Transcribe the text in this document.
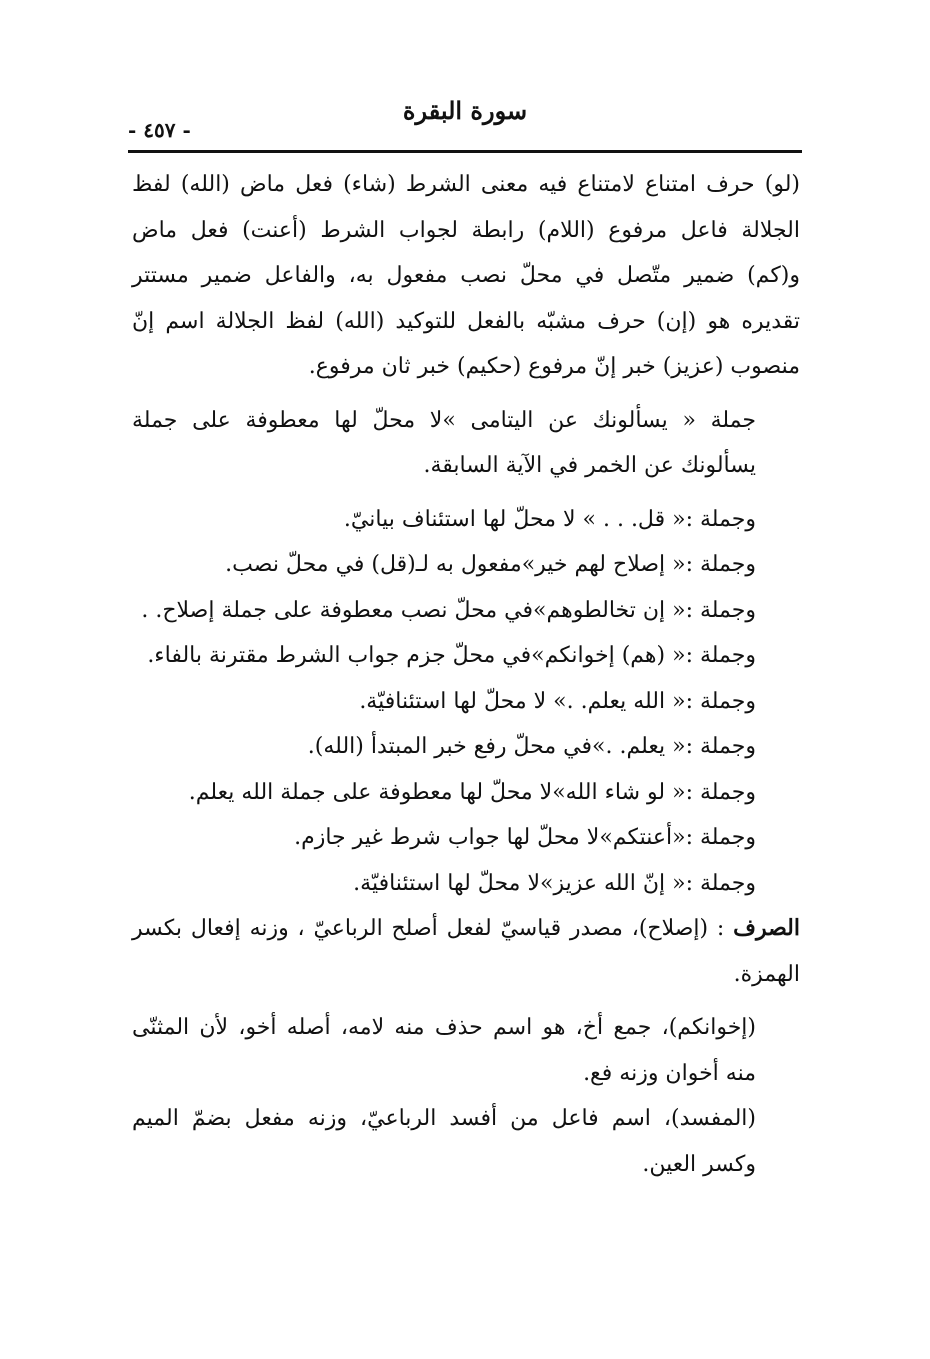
- ٤٥٧ -
سورة البقرة

(لو) حرف امتناع لامتناع فيه معنى الشرط (شاء) فعل ماض (الله) لفظ الجلالة فاعل مرفوع (اللام) رابطة لجواب الشرط (أعنت) فعل ماض و(كم) ضمير متّصل في محلّ نصب مفعول به، والفاعل ضمير مستتر تقديره هو (إن) حرف مشبّه بالفعل للتوكيد (الله) لفظ الجلالة اسم إنّ منصوب (عزيز) خبر إنّ مرفوع (حكيم) خبر ثان مرفوع.

جملة « يسألونك عن اليتامى »لا محلّ لها معطوفة على جملة يسألونك عن الخمر في الآية السابقة.

وجملة :« قل. . . » لا محلّ لها استئناف بيانيّ.

وجملة :« إصلاح لهم خير»مفعول به لـ(قل) في محلّ نصب.

وجملة :« إن تخالطوهم»في محلّ نصب معطوفة على جملة إصلاح. .

وجملة :« (هم) إخوانكم»في محلّ جزم جواب الشرط مقترنة بالفاء.

وجملة :« الله يعلم. .» لا محلّ لها استئنافيّة.

وجملة :« يعلم. .»في محلّ رفع خبر المبتدأ (الله).

وجملة :« لو شاء الله»لا محلّ لها معطوفة على جملة الله يعلم.

وجملة :«أعنتكم»لا محلّ لها جواب شرط غير جازم.

وجملة :« إنّ الله عزيز»لا محلّ لها استئنافيّة.

الصرف : (إصلاح)، مصدر قياسيّ لفعل أصلح الرباعيّ ، وزنه إفعال بكسر الهمزة.

(إخوانكم)، جمع أخ، هو اسم حذف منه لامه، أصله أخو، لأن المثنّى منه أخوان وزنه فع.

(المفسد)، اسم فاعل من أفسد الرباعيّ، وزنه مفعل بضمّ الميم وكسر العين.
